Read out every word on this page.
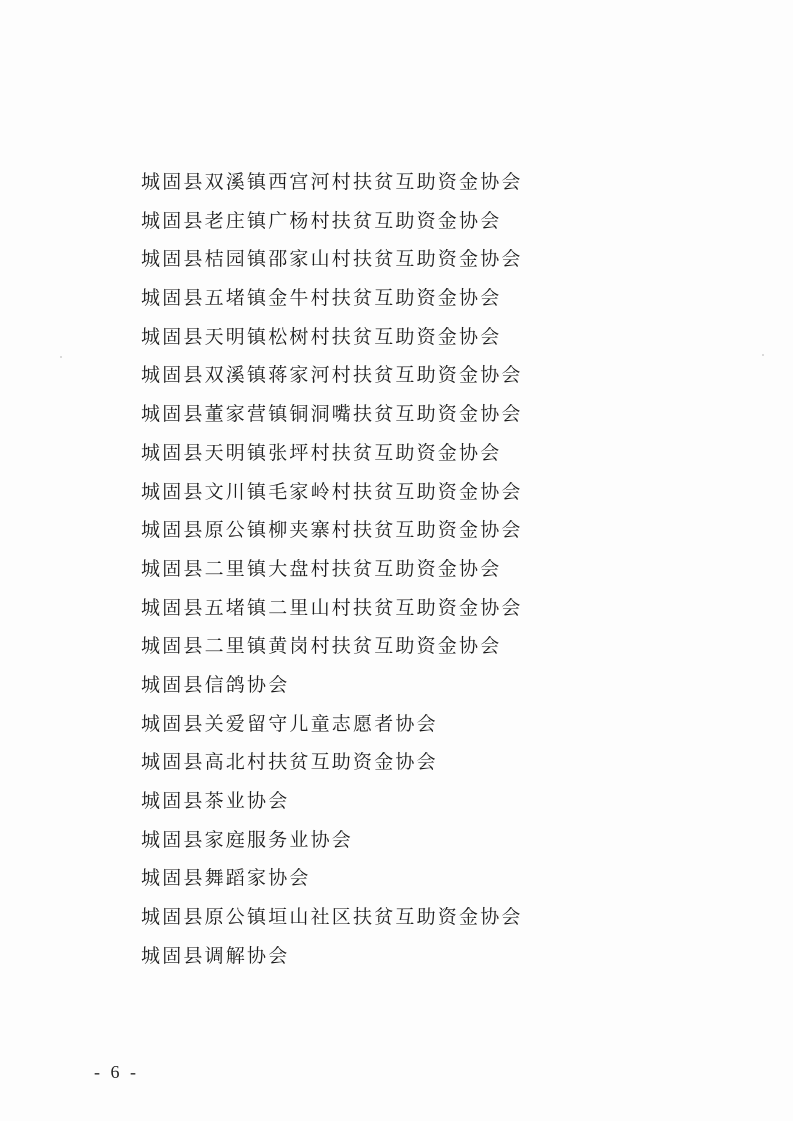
城固县双溪镇西宫河村扶贫互助资金协会
城固县老庄镇广杨村扶贫互助资金协会
城固县桔园镇邵家山村扶贫互助资金协会
城固县五堵镇金牛村扶贫互助资金协会
城固县天明镇松树村扶贫互助资金协会
城固县双溪镇蒋家河村扶贫互助资金协会
城固县董家营镇铜洞嘴扶贫互助资金协会
城固县天明镇张坪村扶贫互助资金协会
城固县文川镇毛家岭村扶贫互助资金协会
城固县原公镇柳夹寨村扶贫互助资金协会
城固县二里镇大盘村扶贫互助资金协会
城固县五堵镇二里山村扶贫互助资金协会
城固县二里镇黄岗村扶贫互助资金协会
城固县信鸽协会
城固县关爱留守儿童志愿者协会
城固县高北村扶贫互助资金协会
城固县茶业协会
城固县家庭服务业协会
城固县舞蹈家协会
城固县原公镇垣山社区扶贫互助资金协会
城固县调解协会
- 6 -
